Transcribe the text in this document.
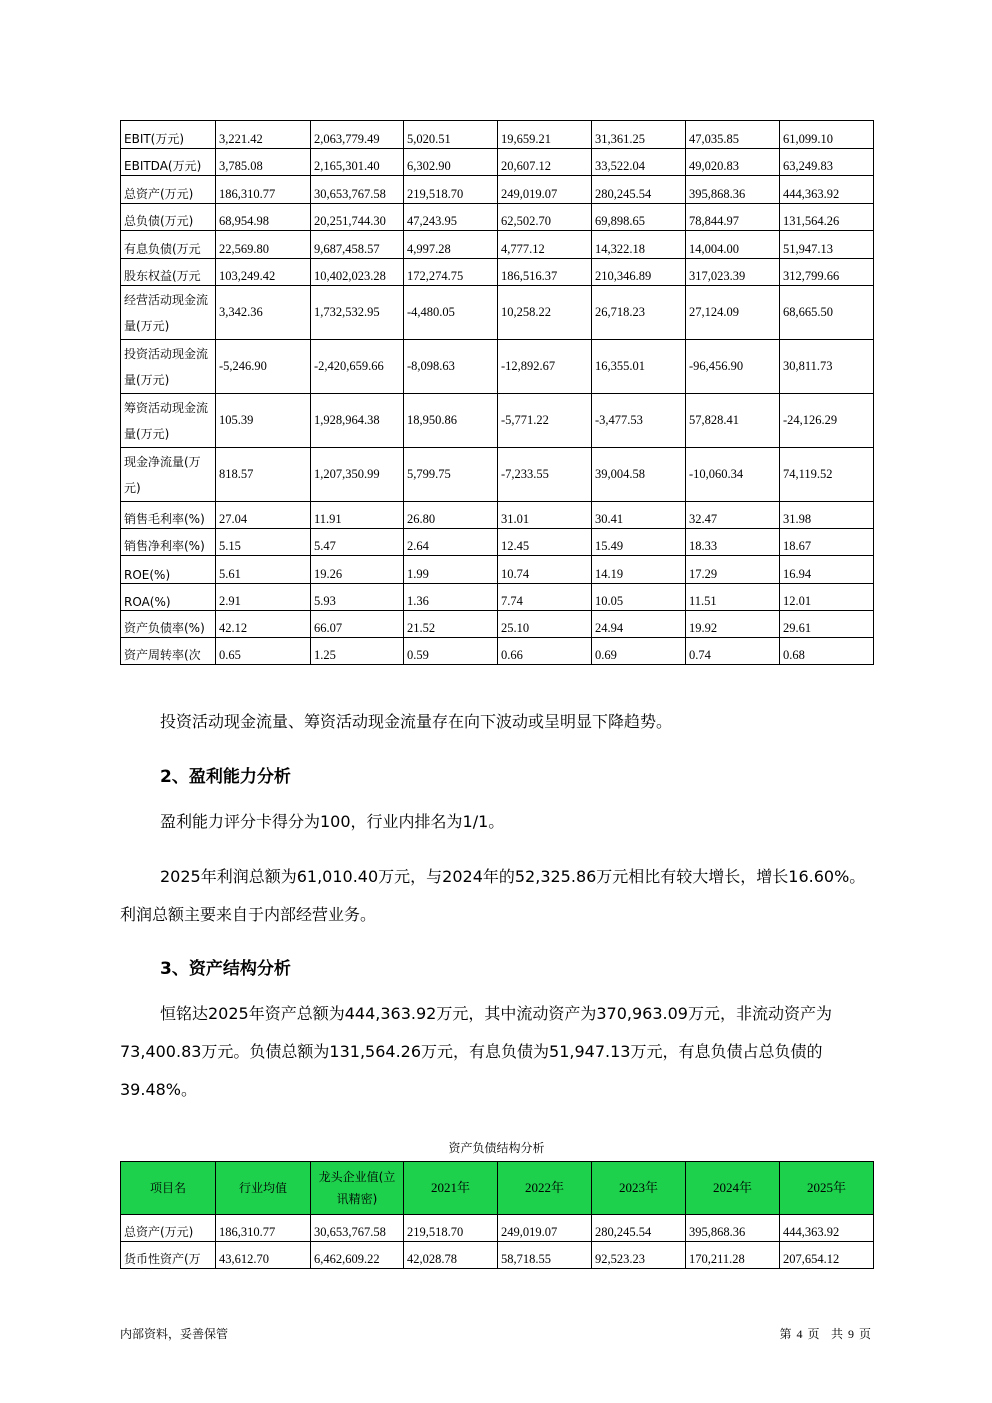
EBIT(万元)	3,221.42	2,063,779.49	5,020.51	19,659.21	31,361.25	47,035.85	61,099.10
EBITDA(万元)	3,785.08	2,165,301.40	6,302.90	20,607.12	33,522.04	49,020.83	63,249.83
总资产(万元)	186,310.77	30,653,767.58	219,518.70	249,019.07	280,245.54	395,868.36	444,363.92
总负债(万元)	68,954.98	20,251,744.30	47,243.95	62,502.70	69,898.65	78,844.97	131,564.26
有息负债(万元	22,569.80	9,687,458.57	4,997.28	4,777.12	14,322.18	14,004.00	51,947.13
股东权益(万元	103,249.42	10,402,023.28	172,274.75	186,516.37	210,346.89	317,023.39	312,799.66
经营活动现金流量(万元)	3,342.36	1,732,532.95	-4,480.05	10,258.22	26,718.23	27,124.09	68,665.50
投资活动现金流量(万元)	-5,246.90	-2,420,659.66	-8,098.63	-12,892.67	16,355.01	-96,456.90	30,811.73
筹资活动现金流量(万元)	105.39	1,928,964.38	18,950.86	-5,771.22	-3,477.53	57,828.41	-24,126.29
现金净流量(万元)	818.57	1,207,350.99	5,799.75	-7,233.55	39,004.58	-10,060.34	74,119.52
销售毛利率(%)	27.04	11.91	26.80	31.01	30.41	32.47	31.98
销售净利率(%)	5.15	5.47	2.64	12.45	15.49	18.33	18.67
ROE(%)	5.61	19.26	1.99	10.74	14.19	17.29	16.94
ROA(%)	2.91	5.93	1.36	7.74	10.05	11.51	12.01
资产负债率(%)	42.12	66.07	21.52	25.10	24.94	19.92	29.61
资产周转率(次	0.65	1.25	0.59	0.66	0.69	0.74	0.68

投资活动现金流量、筹资活动现金流量存在向下波动或呈明显下降趋势。

2、盈利能力分析

盈利能力评分卡得分为100，行业内排名为1/1。

2025年利润总额为61,010.40万元，与2024年的52,325.86万元相比有较大增长，增长16.60%。利润总额主要来自于内部经营业务。

3、资产结构分析

恒铭达2025年资产总额为444,363.92万元，其中流动资产为370,963.09万元，非流动资产为73,400.83万元。负债总额为131,564.26万元，有息负债为51,947.13万元，有息负债占总负债的39.48%。

资产负债结构分析

项目名	行业均值	龙头企业值(立讯精密)	2021年	2022年	2023年	2024年	2025年
总资产(万元)	186,310.77	30,653,767.58	219,518.70	249,019.07	280,245.54	395,868.36	444,363.92
货币性资产(万	43,612.70	6,462,609.22	42,028.78	58,718.55	92,523.23	170,211.28	207,654.12

内部资料，妥善保管	第 4 页 共 9 页
